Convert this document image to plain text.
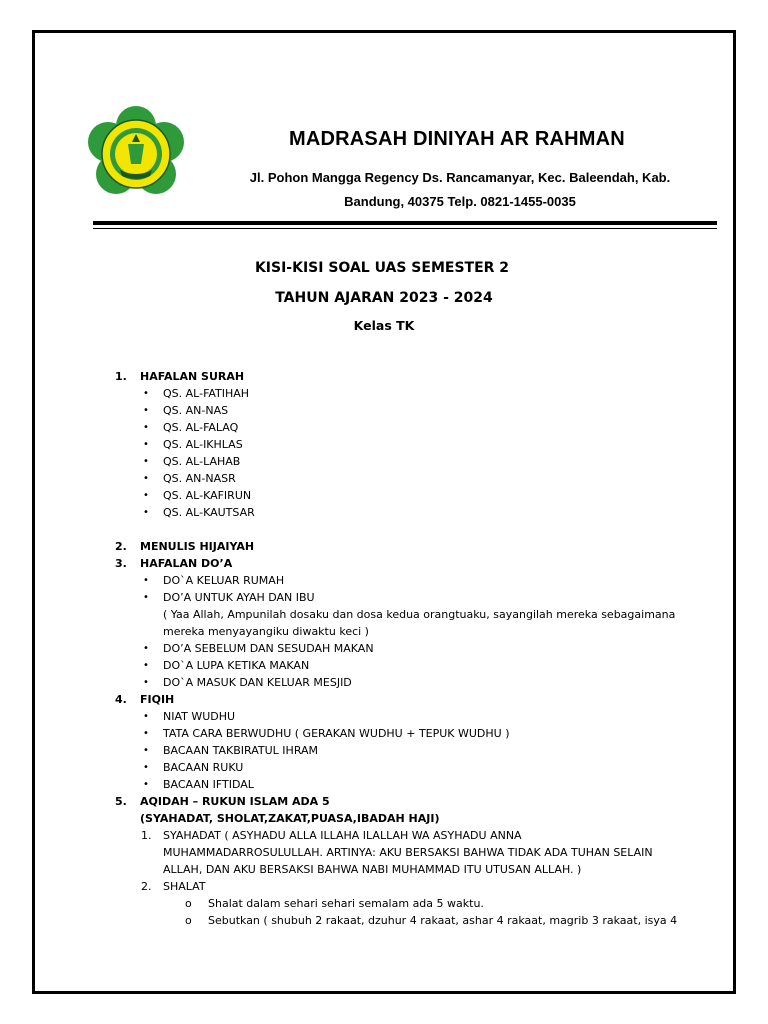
MADRASAH DINIYAH AR RAHMAN
Jl. Pohon Mangga Regency Ds. Rancamanyar, Kec. Baleendah, Kab.
Bandung, 40375 Telp. 0821-1455-0035
KISI-KISI SOAL UAS SEMESTER 2
TAHUN AJARAN 2023 - 2024
Kelas TK
1. HAFALAN SURAH
• QS. AL-FATIHAH
• QS. AN-NAS
• QS. AL-FALAQ
• QS. AL-IKHLAS
• QS. AL-LAHAB
• QS. AN-NASR
• QS. AL-KAFIRUN
• QS. AL-KAUTSAR
2. MENULIS HIJAIYAH
3. HAFALAN DO’A
• DO`A KELUAR RUMAH
• DO’A UNTUK AYAH DAN IBU
( Yaa Allah, Ampunilah dosaku dan dosa kedua orangtuaku, sayangilah mereka sebagaimana
mereka menyayangiku diwaktu keci )
• DO’A SEBELUM DAN SESUDAH MAKAN
• DO`A LUPA KETIKA MAKAN
• DO`A MASUK DAN KELUAR MESJID
4. FIQIH
• NIAT WUDHU
• TATA CARA BERWUDHU ( GERAKAN WUDHU + TEPUK WUDHU )
• BACAAN TAKBIRATUL IHRAM
• BACAAN RUKU
• BACAAN IFTIDAL
5. AQIDAH – RUKUN ISLAM ADA 5
(SYAHADAT, SHOLAT,ZAKAT,PUASA,IBADAH HAJI)
1. SYAHADAT ( ASYHADU ALLA ILLAHA ILALLAH WA ASYHADU ANNA
MUHAMMADARROSULULLAH. ARTINYA: AKU BERSAKSI BAHWA TIDAK ADA TUHAN SELAIN
ALLAH, DAN AKU BERSAKSI BAHWA NABI MUHAMMAD ITU UTUSAN ALLAH. )
2. SHALAT
o Shalat dalam sehari sehari semalam ada 5 waktu.
o Sebutkan ( shubuh 2 rakaat, dzuhur 4 rakaat, ashar 4 rakaat, magrib 3 rakaat, isya 4
